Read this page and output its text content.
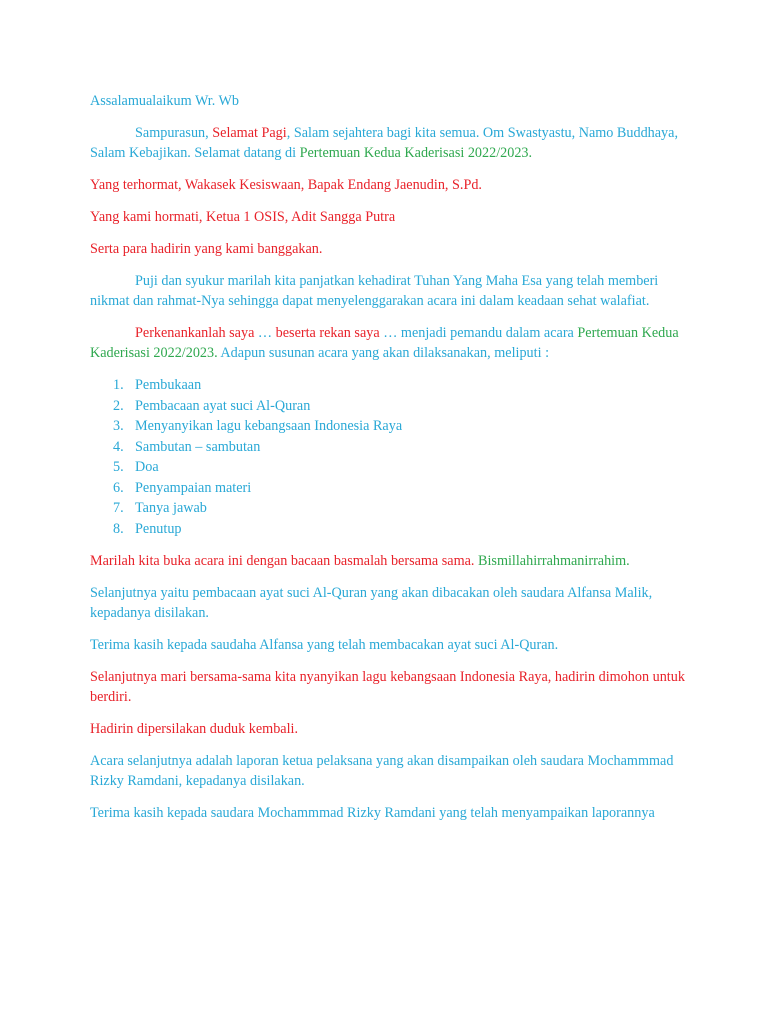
Assalamualaikum Wr. Wb

Sampurasun, Selamat Pagi, Salam sejahtera bagi kita semua. Om Swastyastu, Namo Buddhaya, Salam Kebajikan. Selamat datang di Pertemuan Kedua Kaderisasi 2022/2023.

Yang terhormat, Wakasek Kesiswaan, Bapak Endang Jaenudin, S.Pd.

Yang kami hormati, Ketua 1 OSIS, Adit Sangga Putra

Serta para hadirin yang kami banggakan.

Puji dan syukur marilah kita panjatkan kehadirat Tuhan Yang Maha Esa yang telah memberi nikmat dan rahmat-Nya sehingga dapat menyelenggarakan acara ini dalam keadaan sehat walafiat.

Perkenankanlah saya … beserta rekan saya … menjadi pemandu dalam acara Pertemuan Kedua Kaderisasi 2022/2023. Adapun susunan acara yang akan dilaksanakan, meliputi :

1. Pembukaan
2. Pembacaan ayat suci Al-Quran
3. Menyanyikan lagu kebangsaan Indonesia Raya
4. Sambutan – sambutan
5. Doa
6. Penyampaian materi
7. Tanya jawab
8. Penutup

Marilah kita buka acara ini dengan bacaan basmalah bersama sama. Bismillahirrahmanirrahim.

Selanjutnya yaitu pembacaan ayat suci Al-Quran yang akan dibacakan oleh saudara Alfansa Malik, kepadanya disilakan.

Terima kasih kepada saudaha Alfansa yang telah membacakan ayat suci Al-Quran.

Selanjutnya mari bersama-sama kita nyanyikan lagu kebangsaan Indonesia Raya, hadirin dimohon untuk berdiri.

Hadirin dipersilakan duduk kembali.

Acara selanjutnya adalah laporan ketua pelaksana yang akan disampaikan oleh saudara Mochammmad Rizky Ramdani, kepadanya disilakan.

Terima kasih kepada saudara Mochammmad Rizky Ramdani yang telah menyampaikan laporannya
